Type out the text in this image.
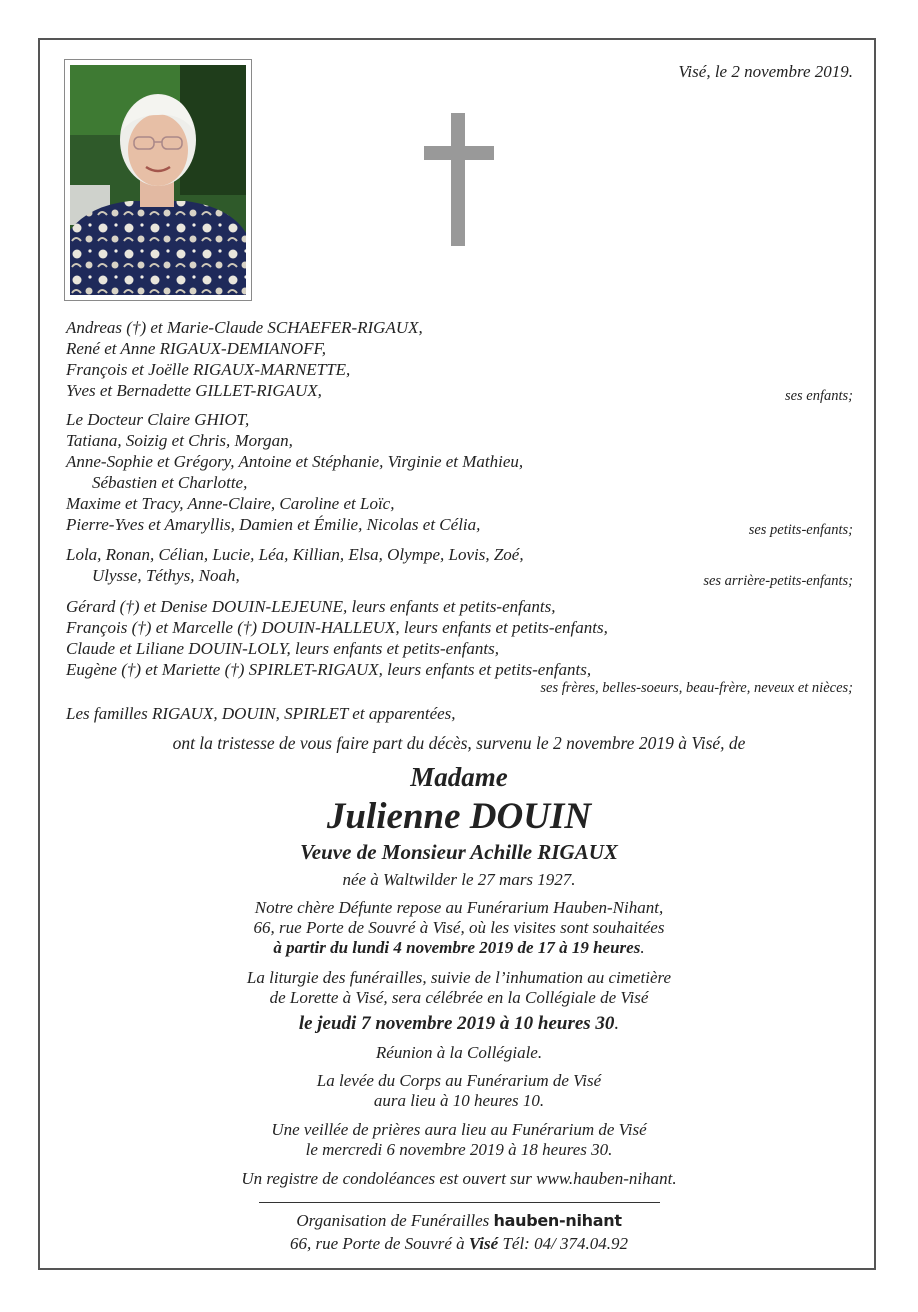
Visé, le 2 novembre 2019.
Andreas (†) et Marie-Claude SCHAEFER-RIGAUX,
René et Anne RIGAUX-DEMIANOFF,
François et Joëlle RIGAUX-MARNETTE,
Yves et Bernadette GILLET-RIGAUX,	ses enfants;
Le Docteur Claire GHIOT,
Tatiana, Soizig et Chris, Morgan,
Anne-Sophie et Grégory, Antoine et Stéphanie, Virginie et Mathieu,
Sébastien et Charlotte,
Maxime et Tracy, Anne-Claire, Caroline et Loïc,
Pierre-Yves et Amaryllis, Damien et Émilie, Nicolas et Célia,	ses petits-enfants;
Lola, Ronan, Célian, Lucie, Léa, Killian, Elsa, Olympe, Lovis, Zoé,
Ulysse, Téthys, Noah,	ses arrière-petits-enfants;
Gérard (†) et Denise DOUIN-LEJEUNE, leurs enfants et petits-enfants,
François (†) et Marcelle (†) DOUIN-HALLEUX, leurs enfants et petits-enfants,
Claude et Liliane DOUIN-LOLY, leurs enfants et petits-enfants,
Eugène (†) et Mariette (†) SPIRLET-RIGAUX, leurs enfants et petits-enfants,
ses frères, belles-soeurs, beau-frère, neveux et nièces;
Les familles RIGAUX, DOUIN, SPIRLET et apparentées,
ont la tristesse de vous faire part du décès, survenu le 2 novembre 2019 à Visé, de
Madame
Julienne DOUIN
Veuve de Monsieur Achille RIGAUX
née à Waltwilder le 27 mars 1927.
Notre chère Défunte repose au Funérarium Hauben-Nihant,
66, rue Porte de Souvré à Visé, où les visites sont souhaitées
à partir du lundi 4 novembre 2019 de 17 à 19 heures.
La liturgie des funérailles, suivie de l’inhumation au cimetière
de Lorette à Visé, sera célébrée en la Collégiale de Visé
le jeudi 7 novembre 2019 à 10 heures 30.
Réunion à la Collégiale.
La levée du Corps au Funérarium de Visé
aura lieu à 10 heures 10.
Une veillée de prières aura lieu au Funérarium de Visé
le mercredi 6 novembre 2019 à 18 heures 30.
Un registre de condoléances est ouvert sur www.hauben-nihant.
Organisation de Funérailles hauben-nihant
66, rue Porte de Souvré à Visé Tél: 04/ 374.04.92
